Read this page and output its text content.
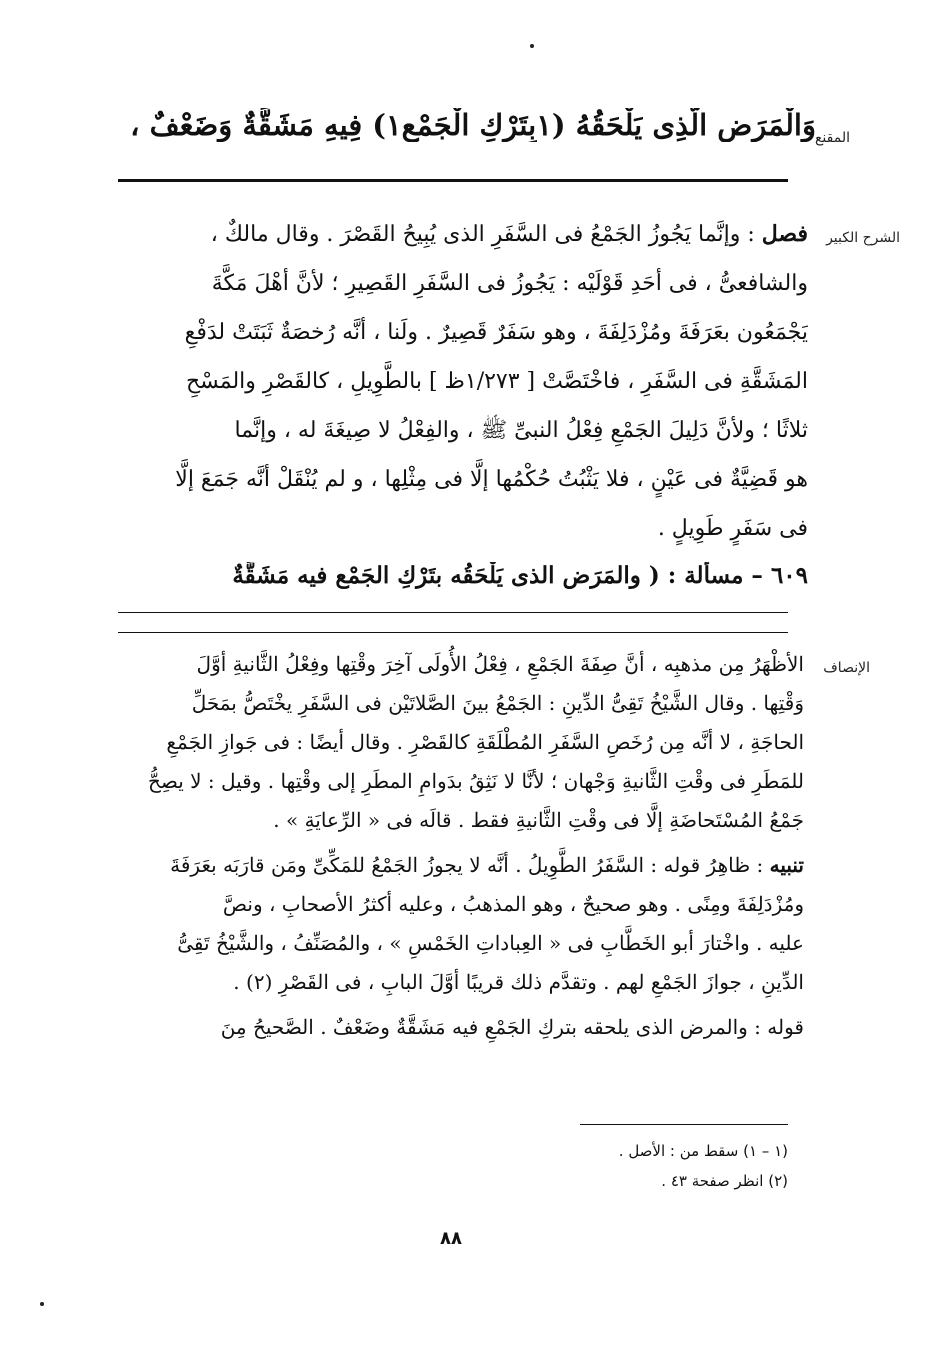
المقنع
وَالْمَرَضِ الَّذِى يَلْحَقُهُ (١بِتَرْكِ الْجَمْعِ١) فِيهِ مَشَقَّةٌ وَضَعْفٌ ،
الشرح الكبير
فصل : وإنَّما يَجُوزُ الجَمْعُ فى السَّفَرِ الذى يُبِيحُ القَصْرَ . وقال مالكٌ ،
والشافعىُّ ، فى أحَدِ قَوْلَيْه : يَجُوزُ فى السَّفَرِ القَصِيرِ ؛ لأنَّ أهْلَ مَكَّةَ
يَجْمَعُون بعَرَفَةَ ومُزْدَلِفَةَ ، وهو سَفَرٌ قَصِيرٌ . ولَنا ، أنَّه رُخصَةٌ ثَبَتَتْ لدَفْعِ
المَشَقَّةِ فى السَّفَرِ ، فاخْتَصَّتْ [ ١/٢٧٣ظ ] بالطَّوِيلِ ، كالقَصْرِ والمَسْحِ
ثلاثًا ؛ ولأنَّ دَلِيلَ الجَمْعِ فِعْلُ النبىِّ ﷺ ، والفِعْلُ لا صِيغَةَ له ، وإنَّما
هو قَضِيَّةٌ فى عَيْنٍ ، فلا يَثْبُتُ حُكْمُها إلَّا فى مِثْلِها ، و لم يُنْقَلْ أنَّه جَمَعَ إلَّا
فى سَفَرٍ طَوِيلٍ .
٦٠٩ – مسألة : ( والمَرَضِ الذى يَلْحَقُه بتَرْكِ الجَمْعِ فيه مَشَقَّةٌ
الإنصاف
الأظْهَرُ مِن مذهبِه ، أنَّ صِفَةَ الجَمْعِ ، فِعْلُ الأُولَى آخِرَ وقْتِها وفِعْلُ الثَّانيةِ أوَّلَ
وَقْتِها . وقال الشَّيْخُ تَقِىُّ الدِّينِ : الجَمْعُ بينَ الصَّلاتَيْن فى السَّفَرِ يخْتَصُّ بمَحَلِّ
الحاجَةِ ، لا أنَّه مِن رُخَصِ السَّفَرِ المُطْلَقَةِ كالقَصْرِ . وقال أيضًا : فى جَوازِ الجَمْعِ
للمَطَرِ فى وقْتِ الثَّانيةِ وَجْهان ؛ لأنَّا لا نَثِقُ بدَوامِ المطَرِ إلى وقْتِها . وقيل : لا يصِحُّ
جَمْعُ المُسْتَحاضَةِ إلَّا فى وقْتِ الثَّانيةِ فقط . قالَه فى « الرِّعايَةِ » .
تنبيه : ظاهِرُ قوله : السَّفَرُ الطَّوِيلُ . أنَّه لا يجوزُ الجَمْعُ للمَكِّىِّ ومَن قارَبَه بعَرَفَةَ
ومُزْدَلِفَةَ ومِنًى . وهو صحيحٌ ، وهو المذهبُ ، وعليه أكثرُ الأصحابِ ، ونصَّ
عليه . واخْتارَ أبو الخَطَّابِ فى « العِباداتِ الخَمْسِ » ، والمُصَنِّفُ ، والشَّيْخُ تَقِىُّ
الدِّينِ ، جوازَ الجَمْعِ لهم . وتقدَّم ذلك قريبًا أوَّلَ البابِ ، فى القَصْرِ (٢) .
قوله : والمرض الذى يلحقه بتركِ الجَمْعِ فيه مَشَقَّةٌ وضَعْفٌ . الصَّحيحُ مِنَ
(١ – ١) سقط من : الأصل .
(٢) انظر صفحة ٤٣ .
٨٨
